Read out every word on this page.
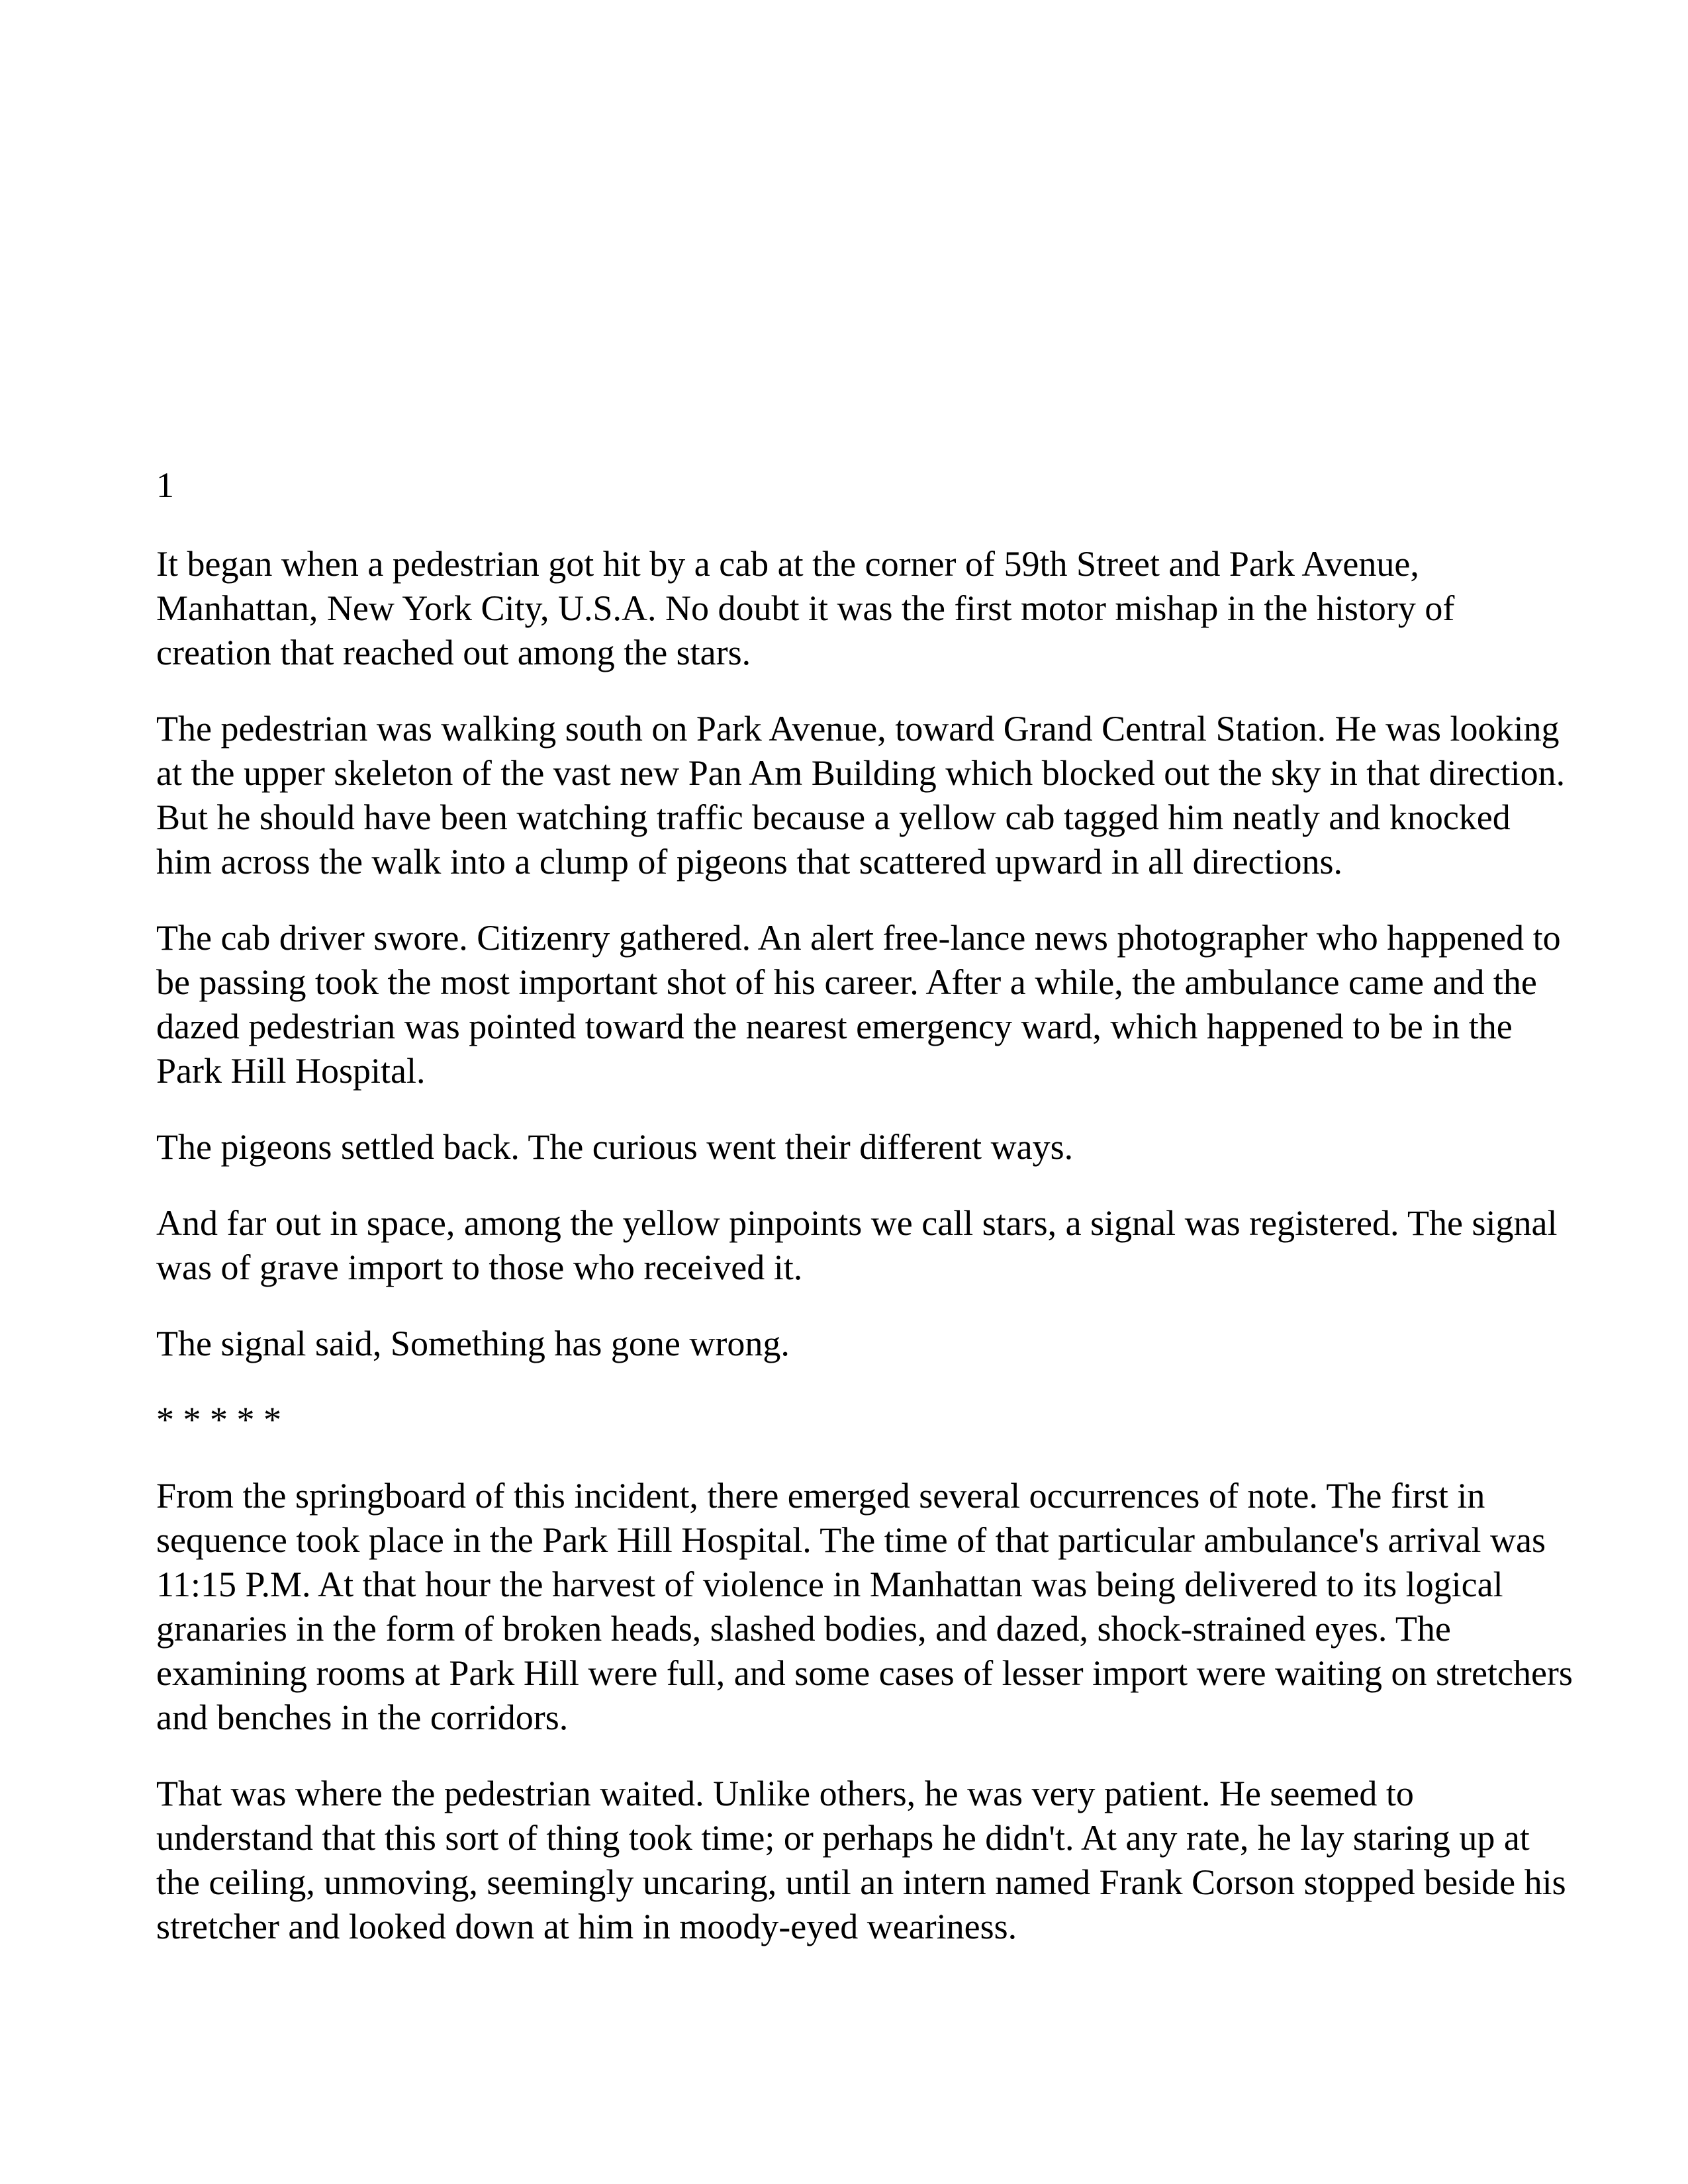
1

It began when a pedestrian got hit by a cab at the corner of 59th Street and Park Avenue, Manhattan, New York City, U.S.A. No doubt it was the first motor mishap in the history of creation that reached out among the stars.

The pedestrian was walking south on Park Avenue, toward Grand Central Station. He was looking at the upper skeleton of the vast new Pan Am Building which blocked out the sky in that direction. But he should have been watching traffic because a yellow cab tagged him neatly and knocked him across the walk into a clump of pigeons that scattered upward in all directions.

The cab driver swore. Citizenry gathered. An alert free-lance news photographer who happened to be passing took the most important shot of his career. After a while, the ambulance came and the dazed pedestrian was pointed toward the nearest emergency ward, which happened to be in the Park Hill Hospital.

The pigeons settled back. The curious went their different ways.

And far out in space, among the yellow pinpoints we call stars, a signal was registered. The signal was of grave import to those who received it.

The signal said, Something has gone wrong.

* * * * *

From the springboard of this incident, there emerged several occurrences of note. The first in sequence took place in the Park Hill Hospital. The time of that particular ambulance's arrival was 11:15 P.M. At that hour the harvest of violence in Manhattan was being delivered to its logical granaries in the form of broken heads, slashed bodies, and dazed, shock-strained eyes. The examining rooms at Park Hill were full, and some cases of lesser import were waiting on stretchers and benches in the corridors.

That was where the pedestrian waited. Unlike others, he was very patient. He seemed to understand that this sort of thing took time; or perhaps he didn't. At any rate, he lay staring up at the ceiling, unmoving, seemingly uncaring, until an intern named Frank Corson stopped beside his stretcher and looked down at him in moody-eyed weariness.
